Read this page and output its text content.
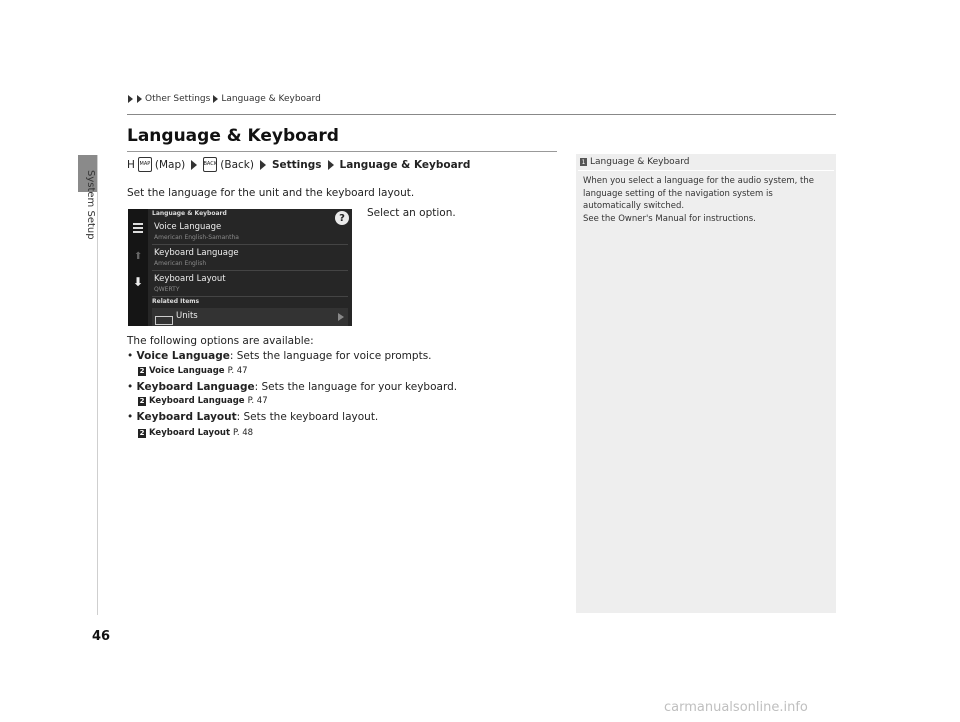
System Setup
Other Settings Language & Keyboard
Language & Keyboard
H MAP (Map)	BACK (Back) Settings Language & Keyboard
Set the language for the unit and the keyboard layout.
⬆
⬇
Language & Keyboard	?
Voice Language
American English-Samantha
Keyboard Language
American English
Keyboard Layout
QWERTY
Related Items
Units
Select an option.
The following options are available:
• Voice Language: Sets the language for voice prompts.
2 Voice Language P. 47
• Keyboard Language: Sets the language for your keyboard.
2 Keyboard Language P. 47
• Keyboard Layout: Sets the keyboard layout.
2 Keyboard Layout P. 48
1 Language & Keyboard

When you select a language for the audio system, the

language setting of the navigation system is

automatically switched.

See the Owner's Manual for instructions.

46
carmanualsonline.info
